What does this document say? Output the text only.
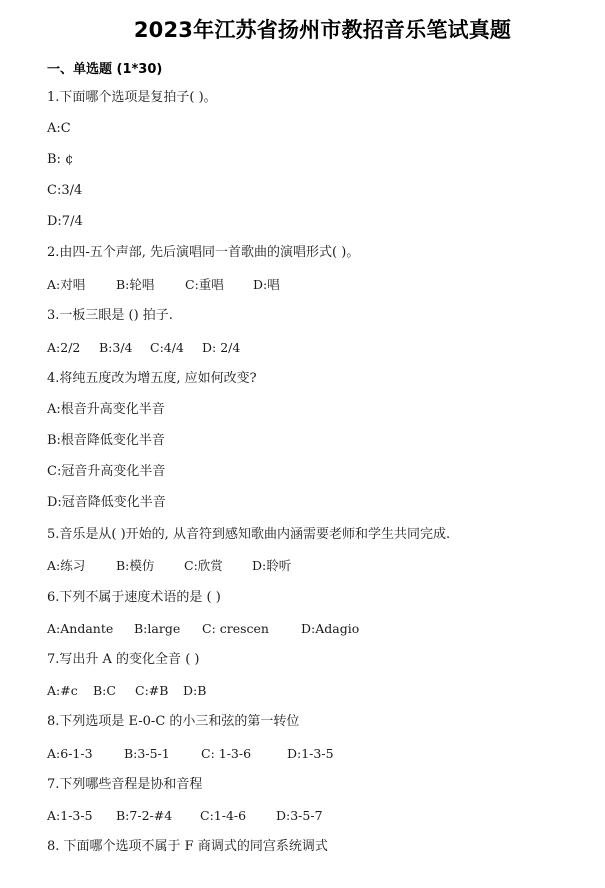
2023年江苏省扬州市教招音乐笔试真题
一、单选题 (1*30)
1.下面哪个选项是复拍子( )。
A:C
B: ¢
C:3/4
D:7/4
2.由四-五个声部, 先后演唱同一首歌曲的演唱形式( )。
A:对唱 B:轮唱 C:重唱 D:唱
3.一板三眼是 () 拍子.
A:2/2 B:3/4 C:4/4 D: 2/4
4.将纯五度改为增五度, 应如何改变?
A:根音升高变化半音
B:根音降低变化半音
C:冠音升高变化半音
D:冠音降低变化半音
5.音乐是从( )开始的, 从音符到感知歌曲内涵需要老师和学生共同完成.
A:练习 B:模仿 C:欣赏 D:聆听
6.下列不属于速度术语的是 ( )
A:Andante B:large C: crescen	D:Adagio
7.写出升 A 的变化全音 ( )
A:#c B:C C:#B D:B
8.下列选项是 E-0-C 的小三和弦的第一转位
A:6-1-3	B:3-5-1	C: 1-3-6	D:1-3-5
7.下列哪些音程是协和音程
A:1-3-5 B:7-2-#4 C:1-4-6 D:3-5-7
8. 下面哪个选项不属于 F 商调式的同宫系统调式
